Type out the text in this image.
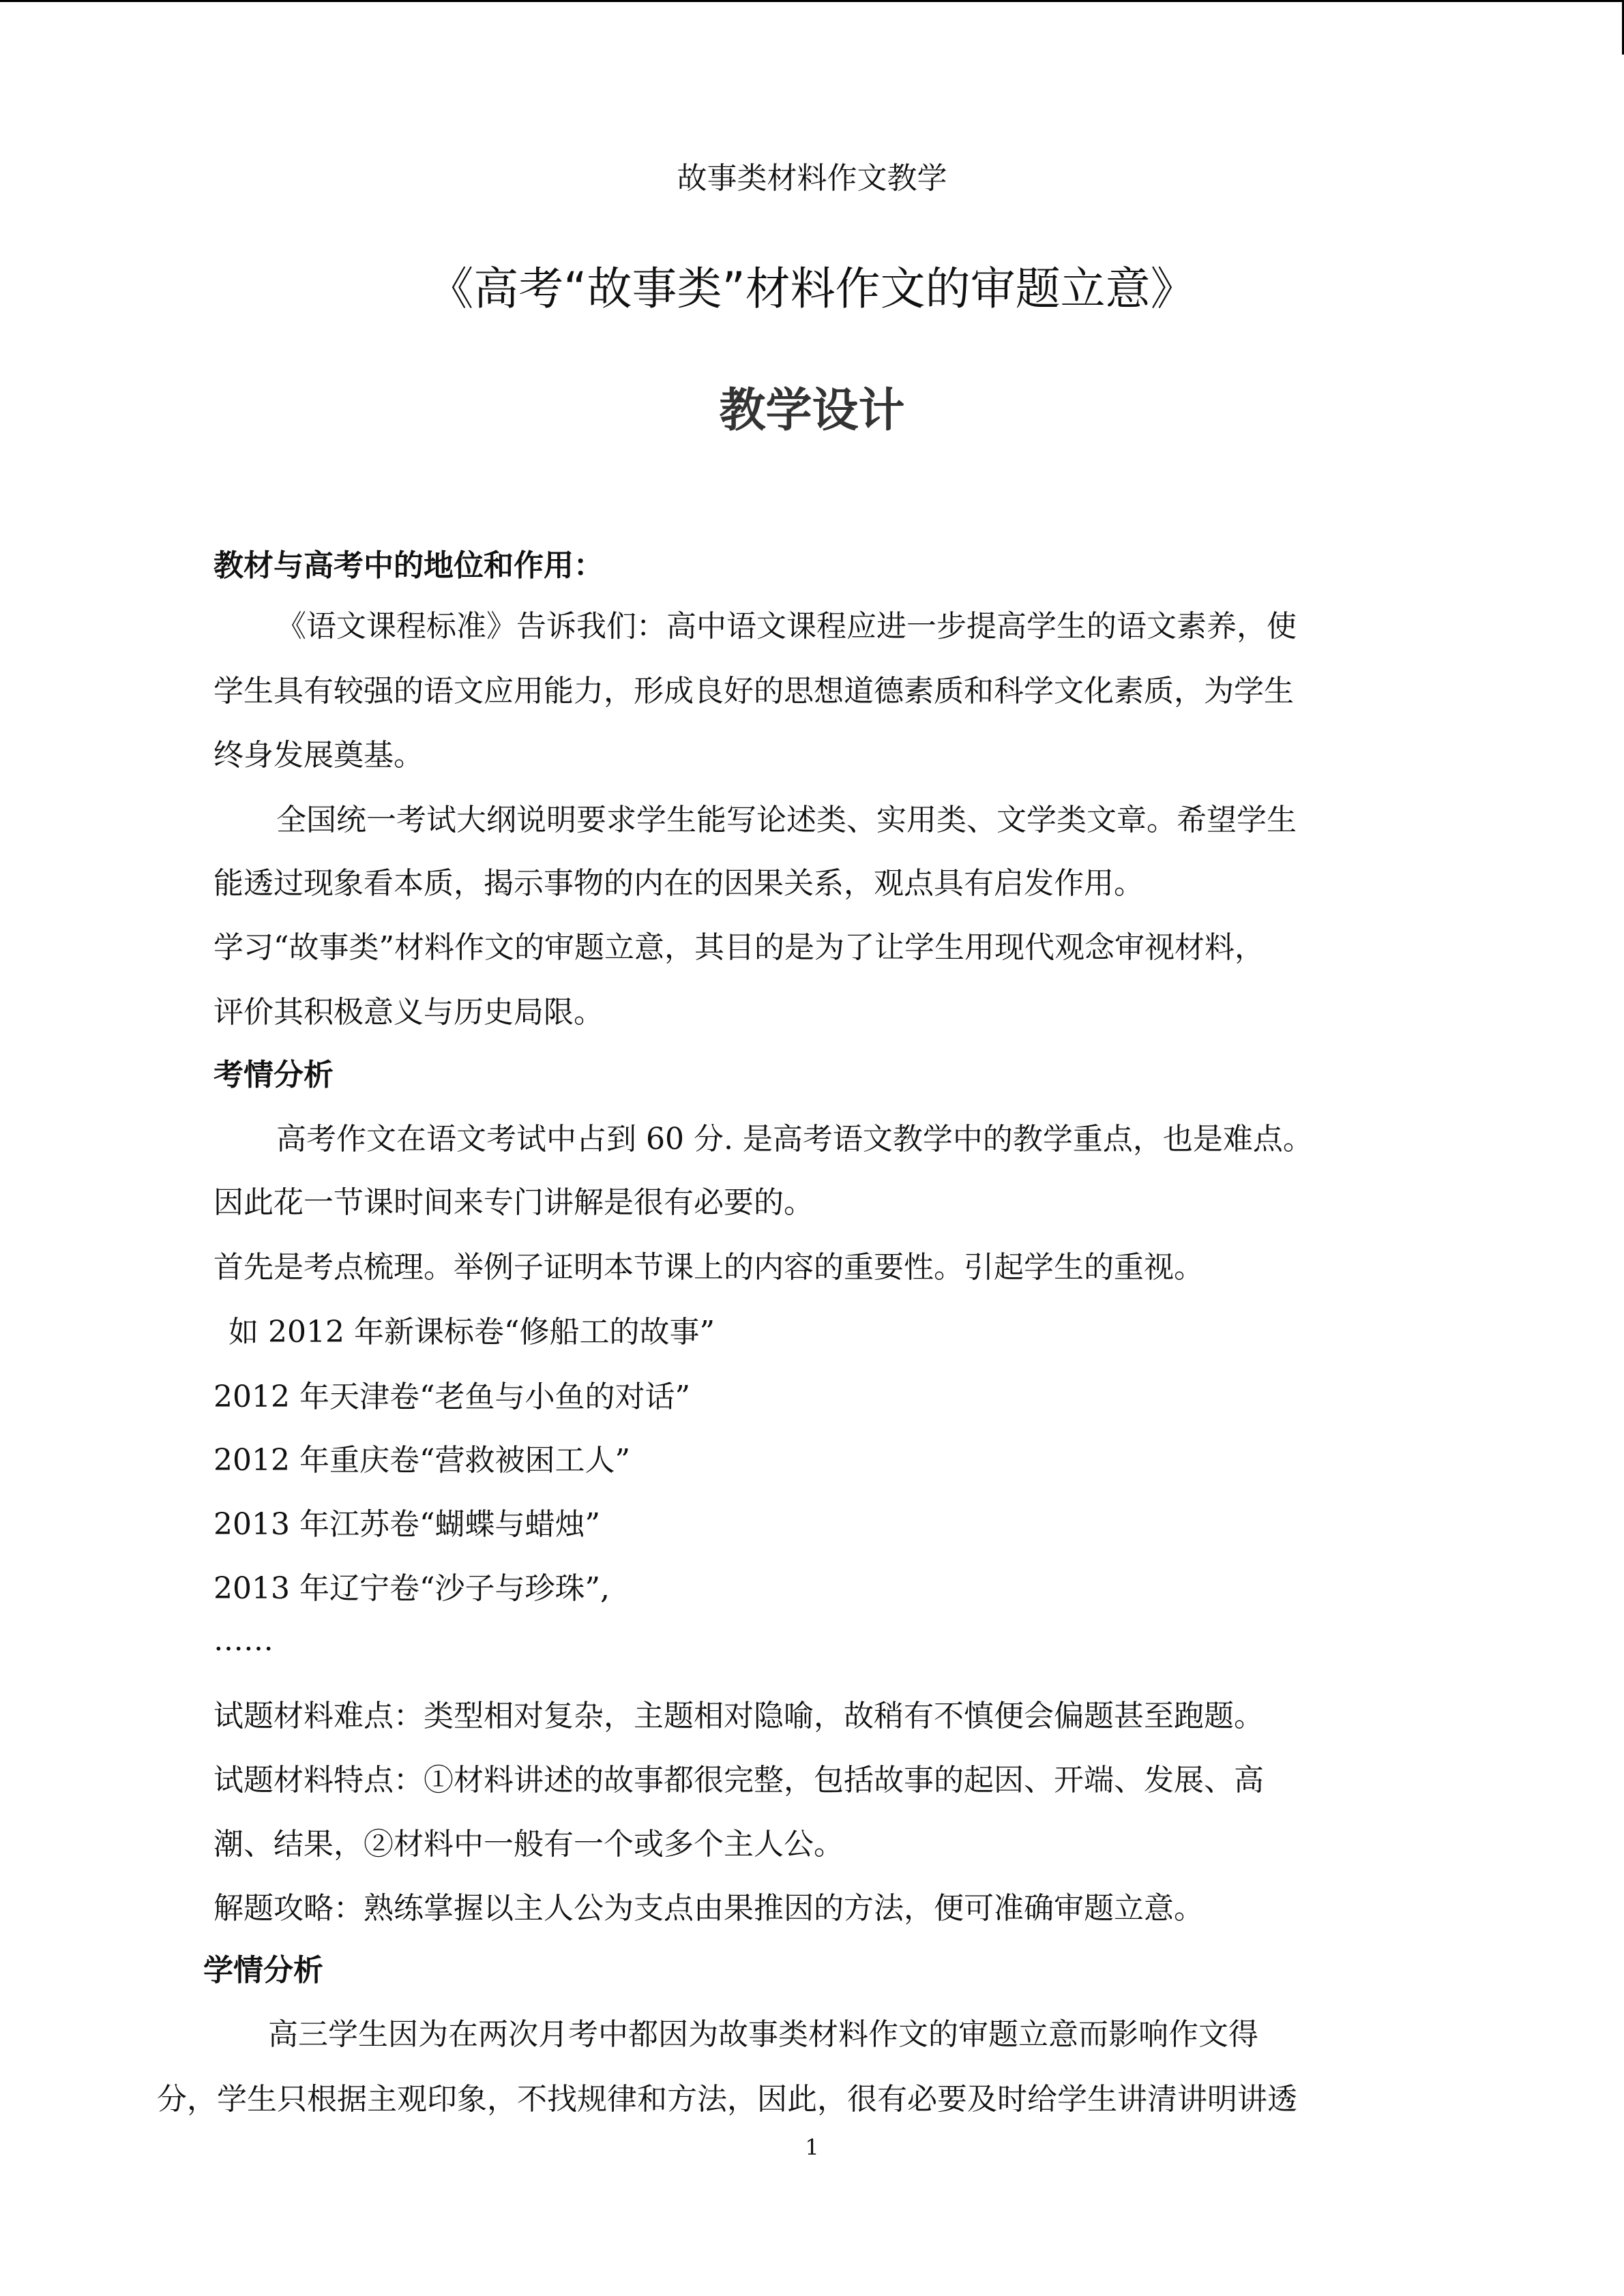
故事类材料作文教学
《高考“故事类”材料作文的审题立意》
教学设计
教材与高考中的地位和作用：
《语文课程标准》告诉我们：高中语文课程应进一步提高学生的语文素养，使
学生具有较强的语文应用能力，形成良好的思想道德素质和科学文化素质，为学生
终身发展奠基。
全国统一考试大纲说明要求学生能写论述类、实用类、文学类文章。希望学生
能透过现象看本质，揭示事物的内在的因果关系，观点具有启发作用。
学习“故事类”材料作文的审题立意，其目的是为了让学生用现代观念审视材料，
评价其积极意义与历史局限。
考情分析
高考作文在语文考试中占到 60 分. 是高考语文教学中的教学重点，也是难点。
因此花一节课时间来专门讲解是很有必要的。
首先是考点梳理。举例子证明本节课上的内容的重要性。引起学生的重视。
如 2012 年新课标卷“修船工的故事”
2012 年天津卷“老鱼与小鱼的对话”
2012 年重庆卷“营救被困工人”
2013 年江苏卷“蝴蝶与蜡烛”
2013 年辽宁卷“沙子与珍珠”,
……
试题材料难点：类型相对复杂，主题相对隐喻，故稍有不慎便会偏题甚至跑题。
试题材料特点：①材料讲述的故事都很完整，包括故事的起因、开端、发展、高
潮、结果，②材料中一般有一个或多个主人公。
解题攻略：熟练掌握以主人公为支点由果推因的方法，便可准确审题立意。
学情分析
高三学生因为在两次月考中都因为故事类材料作文的审题立意而影响作文得
分，学生只根据主观印象，不找规律和方法，因此，很有必要及时给学生讲清讲明讲透
1
